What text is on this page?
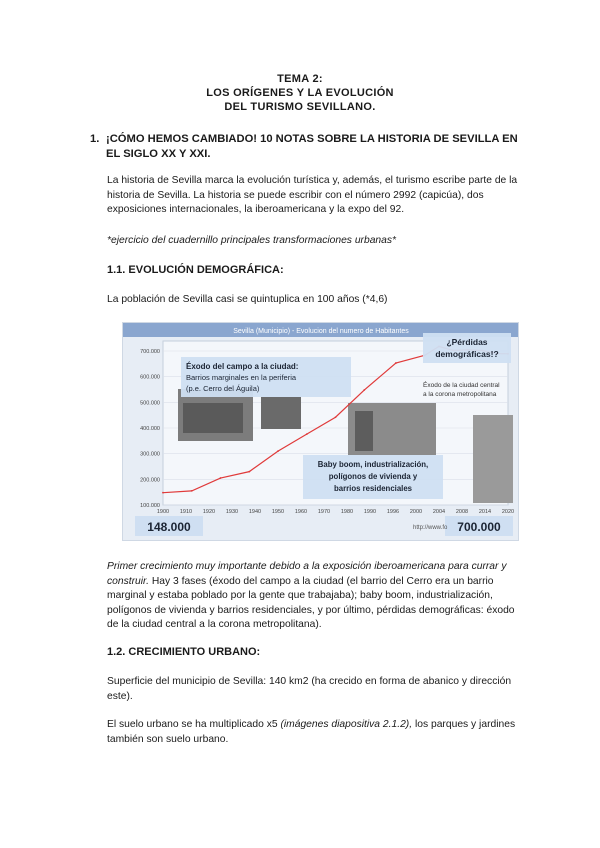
TEMA 2:
LOS ORÍGENES Y LA EVOLUCIÓN
DEL TURISMO SEVILLANO.
1. ¡CÓMO HEMOS CAMBIADO! 10 NOTAS SOBRE LA HISTORIA DE SEVILLA EN EL SIGLO XX Y XXI.
La historia de Sevilla marca la evolución turística y, además, el turismo escribe parte de la historia de Sevilla. La historia se puede escribir con el número 2992 (capicúa), dos exposiciones internacionales, la iberoamericana y la expo del 92.
*ejercicio del cuadernillo principales transformaciones urbanas*
1.1. EVOLUCIÓN DEMOGRÁFICA:
La población de Sevilla casi se quintuplica en 100 años (*4,6)
Sevilla (Municipio) - Evolucion del numero de Habitantes
100.000
200.000
300.000
400.000
500.000
600.000
700.000
1900 1910 1920 1930 1940 1950 1960 1970 1980 1990 1996 2000 2004 2008 2014 2020
Éxodo del campo a la ciudad:
Barrios marginales en la periferia
(p.e. Cerro del Águila)
¿Pérdidas
demográficas!?
Éxodo de la ciudad central
a la corona metropolitana
Baby boom, industrialización,
polígonos de vivienda y
barrios residenciales
148.000	700.000
http://www.fo
Primer crecimiento muy importante debido a la exposición iberoamericana para currar y construir. Hay 3 fases (éxodo del campo a la ciudad (el barrio del Cerro era un barrio marginal y estaba poblado por la gente que trabajaba); baby boom, industrialización, polígonos de vivienda y barrios residenciales, y por último, pérdidas demográficas: éxodo de la ciudad central a la corona metropolitana).
1.2. CRECIMIENTO URBANO:
Superficie del municipio de Sevilla: 140 km2 (ha crecido en forma de abanico y dirección este).
El suelo urbano se ha multiplicado x5 (imágenes diapositiva 2.1.2), los parques y jardines también son suelo urbano.
